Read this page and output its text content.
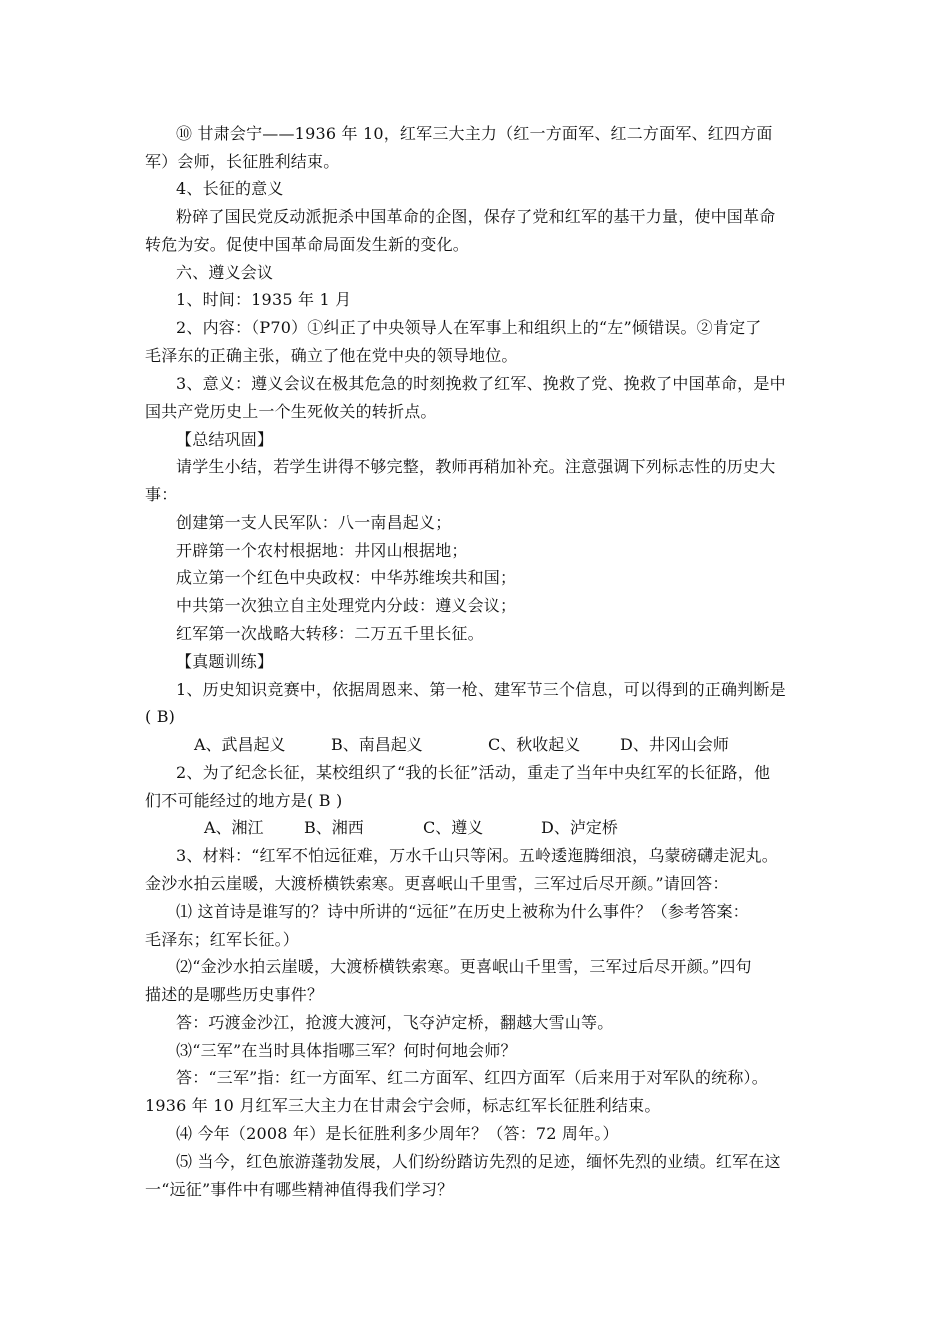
⑩ 甘肃会宁——1936 年 10，红军三大主力（红一方面军、红二方面军、红四方面
军）会师，长征胜利结束。
4、长征的意义
粉碎了国民党反动派扼杀中国革命的企图，保存了党和红军的基干力量，使中国革命
转危为安。促使中国革命局面发生新的变化。
六、遵义会议
1、时间：1935 年 1 月
2、内容：（P70）①纠正了中央领导人在军事上和组织上的“左”倾错误。②肯定了
毛泽东的正确主张，确立了他在党中央的领导地位。
3、意义：遵义会议在极其危急的时刻挽救了红军、挽救了党、挽救了中国革命，是中
国共产党历史上一个生死攸关的转折点。
【总结巩固】
请学生小结，若学生讲得不够完整，教师再稍加补充。注意强调下列标志性的历史大
事：
创建第一支人民军队：八一南昌起义；
开辟第一个农村根据地：井冈山根据地；
成立第一个红色中央政权：中华苏维埃共和国；
中共第一次独立自主处理党内分歧：遵义会议；
红军第一次战略大转移：二万五千里长征。
【真题训练】
1、历史知识竞赛中，依据周恩来、第一枪、建军节三个信息，可以得到的正确判断是
( B)
A、武昌起义	B、南昌起义	C、秋收起义 D、井冈山会师
2、为了纪念长征，某校组织了“我的长征”活动，重走了当年中央红军的长征路，他
们不可能经过的地方是( B )
A、湘江	B、湘西	C、遵义	D、泸定桥
3、材料：“红军不怕远征难，万水千山只等闲。五岭逶迤腾细浪，乌蒙磅礴走泥丸。
金沙水拍云崖暖，大渡桥横铁索寒。更喜岷山千里雪，三军过后尽开颜。”请回答：
⑴ 这首诗是谁写的？诗中所讲的“远征”在历史上被称为什么事件？（参考答案：
毛泽东；红军长征。）
⑵“金沙水拍云崖暖，大渡桥横铁索寒。更喜岷山千里雪，三军过后尽开颜。”四句
描述的是哪些历史事件？
答：巧渡金沙江，抢渡大渡河，飞夺泸定桥，翻越大雪山等。
⑶“三军”在当时具体指哪三军？何时何地会师？
答：“三军”指：红一方面军、红二方面军、红四方面军（后来用于对军队的统称）。
1936 年 10 月红军三大主力在甘肃会宁会师，标志红军长征胜利结束。
⑷ 今年（2008 年）是长征胜利多少周年？（答：72 周年。）
⑸ 当今，红色旅游蓬勃发展，人们纷纷踏访先烈的足迹，缅怀先烈的业绩。红军在这
一“远征”事件中有哪些精神值得我们学习？
